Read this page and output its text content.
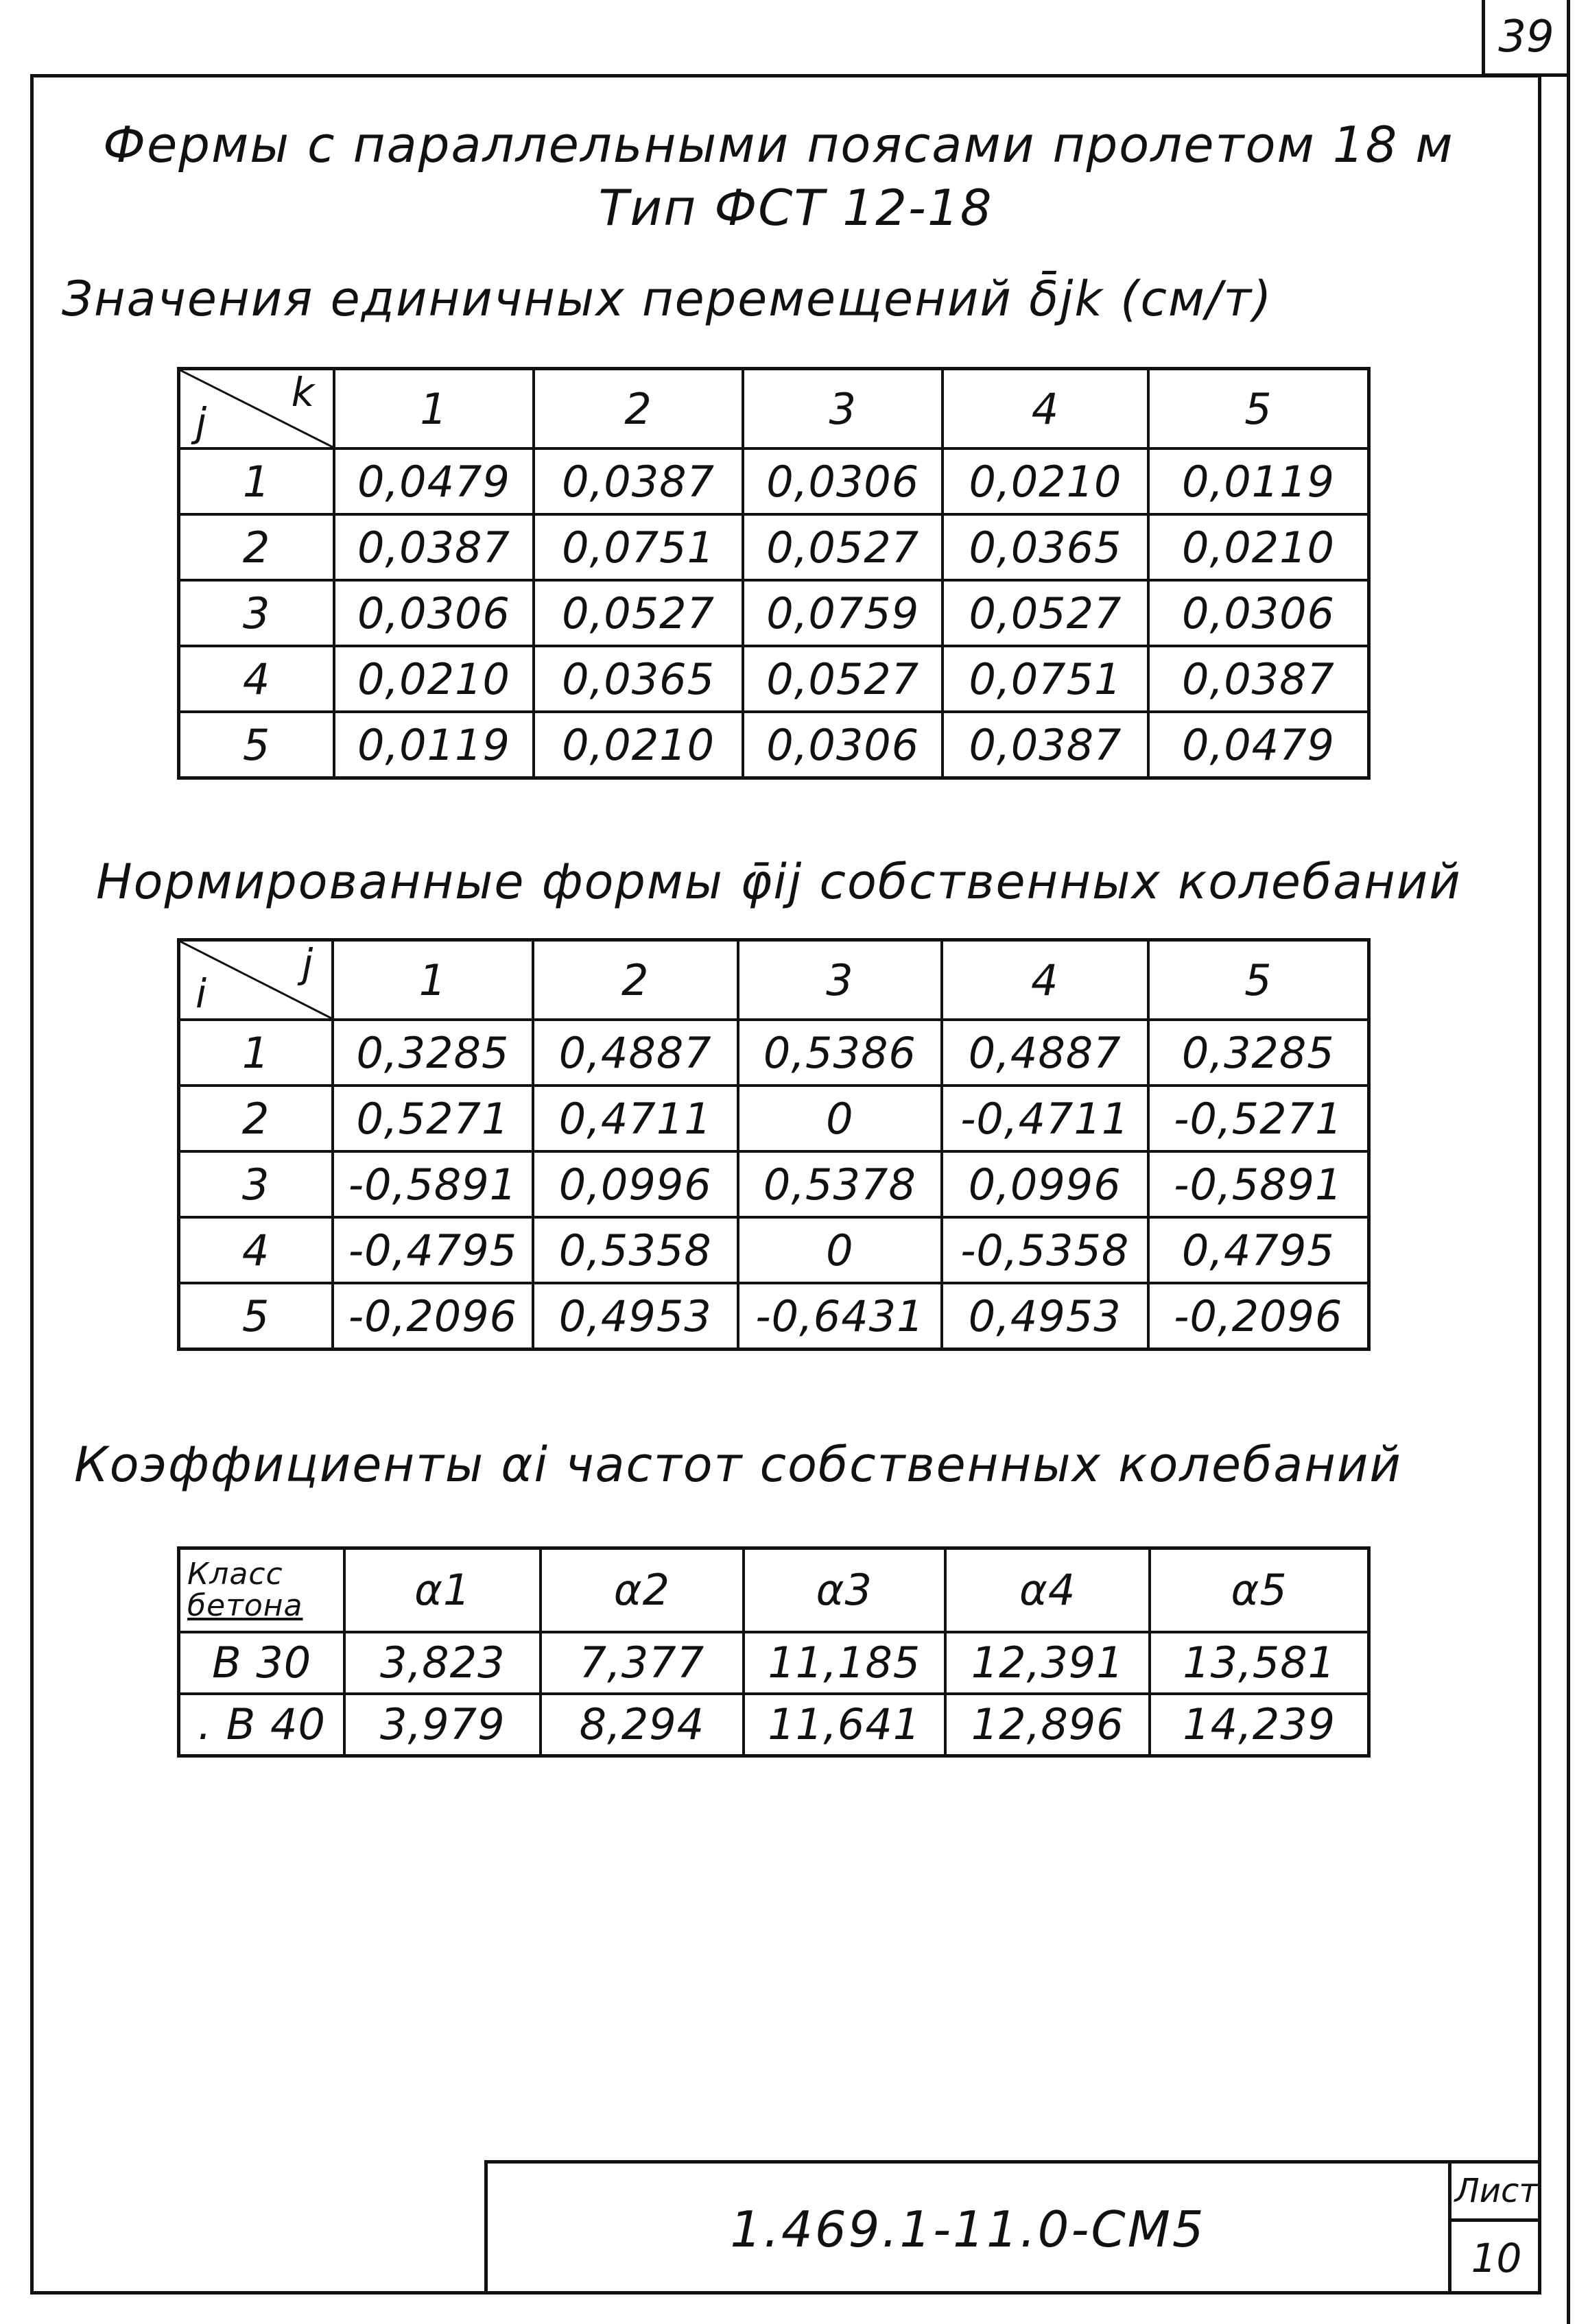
39
Фермы с параллельными поясами пролетом 18 м
Тип ФСТ 12-18
Значения единичных перемещений δ̄jk (см/т)
k
j	1	2	3	4	5
1	0,0479	0,0387	0,0306	0,0210	0,0119
2	0,0387	0,0751	0,0527	0,0365	0,0210
3	0,0306	0,0527	0,0759	0,0527	0,0306
4	0,0210	0,0365	0,0527	0,0751	0,0387
5	0,0119	0,0210	0,0306	0,0387	0,0479
Нормированные формы φ̄ij собственных колебаний
j
i	1	2	3	4	5
1	0,3285	0,4887	0,5386	0,4887	0,3285
2	0,5271	0,4711	0	-0,4711	-0,5271
3	-0,5891	0,0996	0,5378	0,0996	-0,5891
4	-0,4795	0,5358	0	-0,5358	0,4795
5	-0,2096	0,4953	-0,6431	0,4953	-0,2096
Коэффициенты αi частот собственных колебаний
Класс
бетона	α1	α2	α3	α4	α5
B 30	3,823	7,377	11,185	12,391	13,581
. B 40	3,979	8,294	11,641	12,896	14,239
1.469.1-11.0-СМ5
Лист
10
